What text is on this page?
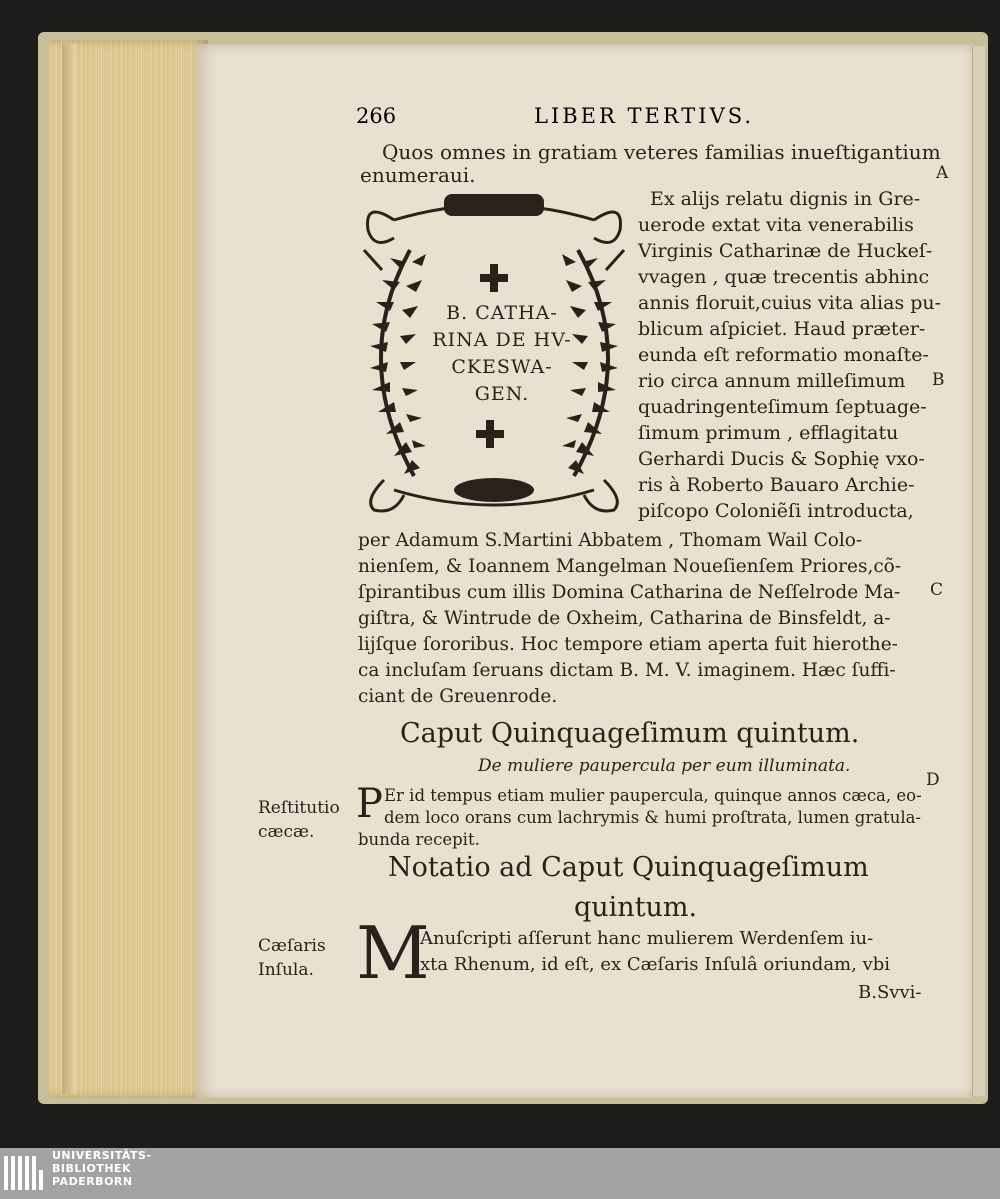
266	LIBER TERTIVS.
Quos omnes in gratiam veteres familias inueſtigantium
enumeraui.	A
B. CATHA-
RINA DE HV-
CKESWA-
GEN.
Ex alijs relatu dignis in Gre-
uerode extat vita venerabilis
Virginis Catharinæ de Huckeſ-
vvagen , quæ trecentis abhinc
annis floruit,cuius vita alias pu-
blicum aſpiciet. Haud præter-
eunda eſt reformatio monaſte-
rio circa annum milleſimum B
quadringenteſimum ſeptuage-
ſimum primum , efflagitatu
Gerhardi Ducis & Sophię vxo-
ris à Roberto Bauaro Archie-
piſcopo Coloniẽſi introducta,
per Adamum S.Martini Abbatem , Thomam Wail Colo-
nienſem, & Ioannem Mangelman Noueſienſem Priores,cõ-
ſpirantibus cum illis Domina Catharina de Neſſelrode Ma- C
giſtra, & Wintrude de Oxheim, Catharina de Binsfeldt, a-
lijſque ſororibus. Hoc tempore etiam aperta fuit hierothe-
ca incluſam ſeruans dictam B. M. V. imaginem. Hæc ſuffi-
ciant de Greuenrode.
Caput Quinquageſimum quintum.
De muliere paupercula per eum illuminata.
D
Reſtitutio
cæcæ.
P Er id tempus etiam mulier paupercula, quinque annos cæca, eo-
dem loco orans cum lachrymis & humi proſtrata, lumen gratula-
bunda recepit.
Notatio ad Caput Quinquageſimum
quintum.
Cæſaris
Inſula. M
Anuſcripti aſſerunt hanc mulierem Werdenſem iu-
xta Rhenum, id eſt, ex Cæſaris Inſulâ oriundam, vbi
B.Svvi-
UNIVERSITÄTS-
BIBLIOTHEK
PADERBORN
